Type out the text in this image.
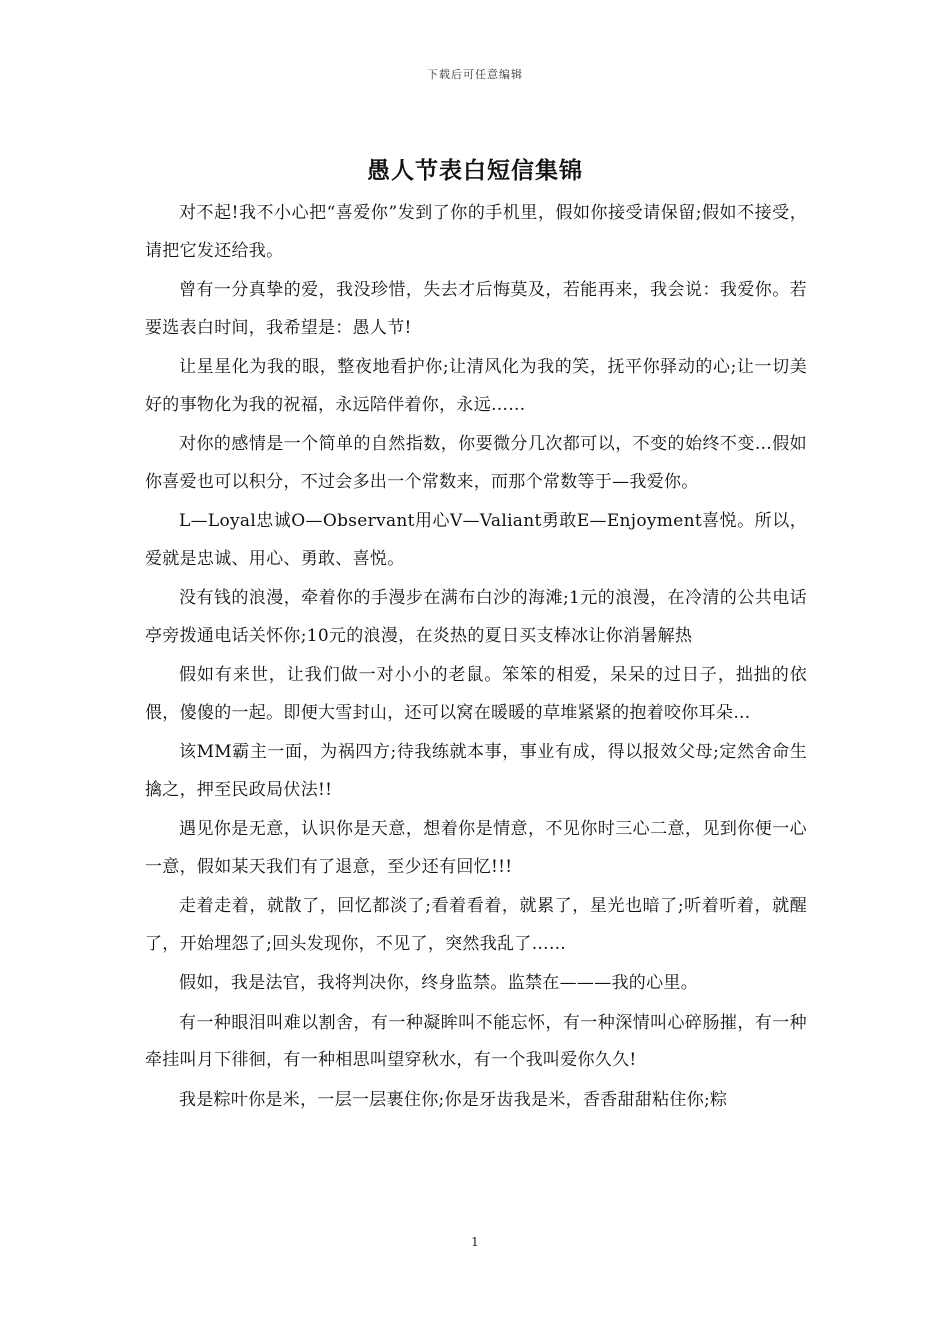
下载后可任意编辑
愚人节表白短信集锦

对不起!我不小心把“喜爱你”发到了你的手机里，假如你接受请保留;假如不接受，请把它发还给我。

曾有一分真挚的爱，我没珍惜，失去才后悔莫及，若能再来，我会说：我爱你。若要选表白时间，我希望是：愚人节!

让星星化为我的眼，整夜地看护你;让清风化为我的笑，抚平你驿动的心;让一切美好的事物化为我的祝福，永远陪伴着你，永远……

对你的感情是一个简单的自然指数，你要微分几次都可以，不变的始终不变…假如你喜爱也可以积分，不过会多出一个常数来，而那个常数等于—我爱你。

L—Loyal忠诚O—Observant用心V—Valiant勇敢E—Enjoyment喜悦。所以，爱就是忠诚、用心、勇敢、喜悦。

没有钱的浪漫，牵着你的手漫步在满布白沙的海滩;1元的浪漫，在冷清的公共电话亭旁拨通电话关怀你;10元的浪漫，在炎热的夏日买支棒冰让你消暑解热

假如有来世，让我们做一对小小的老鼠。笨笨的相爱，呆呆的过日子，拙拙的依偎，傻傻的一起。即便大雪封山，还可以窝在暖暖的草堆紧紧的抱着咬你耳朵…

该MM霸主一面，为祸四方;待我练就本事，事业有成，得以报效父母;定然舍命生擒之，押至民政局伏法!!

遇见你是无意，认识你是天意，想着你是情意，不见你时三心二意，见到你便一心一意，假如某天我们有了退意，至少还有回忆!!!

走着走着，就散了，回忆都淡了;看着看着，就累了，星光也暗了;听着听着，就醒了，开始埋怨了;回头发现你，不见了，突然我乱了……

假如，我是法官，我将判决你，终身监禁。监禁在———我的心里。

有一种眼泪叫难以割舍，有一种凝眸叫不能忘怀，有一种深情叫心碎肠摧，有一种牵挂叫月下徘徊，有一种相思叫望穿秋水，有一个我叫爱你久久!

我是粽叶你是米，一层一层裹住你;你是牙齿我是米，香香甜甜粘住你;粽

1
